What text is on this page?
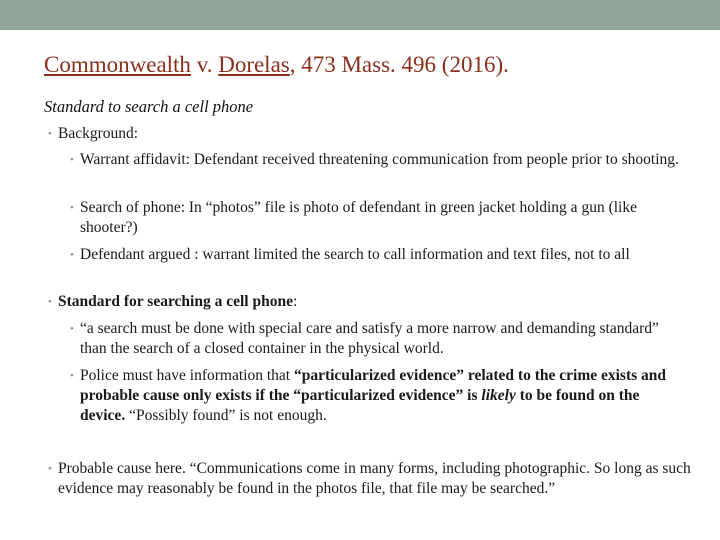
Commonwealth v. Dorelas, 473 Mass. 496 (2016).
Standard to search a cell phone
• Background:
• Warrant affidavit: Defendant received threatening communication from people prior to shooting.
• Search of phone: In “photos” file is photo of defendant in green jacket holding a gun (like shooter?)
• Defendant argued : warrant limited the search to call information and text files, not to all
• Standard for searching a cell phone:
• “a search must be done with special care and satisfy a more narrow and demanding standard” than the search of a closed container in the physical world.
• Police must have information that “particularized evidence” related to the crime exists and probable cause only exists if the “particularized evidence” is likely to be found on the device. “Possibly found” is not enough.
• Probable cause here. “Communications come in many forms, including photographic. So long as such evidence may reasonably be found in the photos file, that file may be searched.”
